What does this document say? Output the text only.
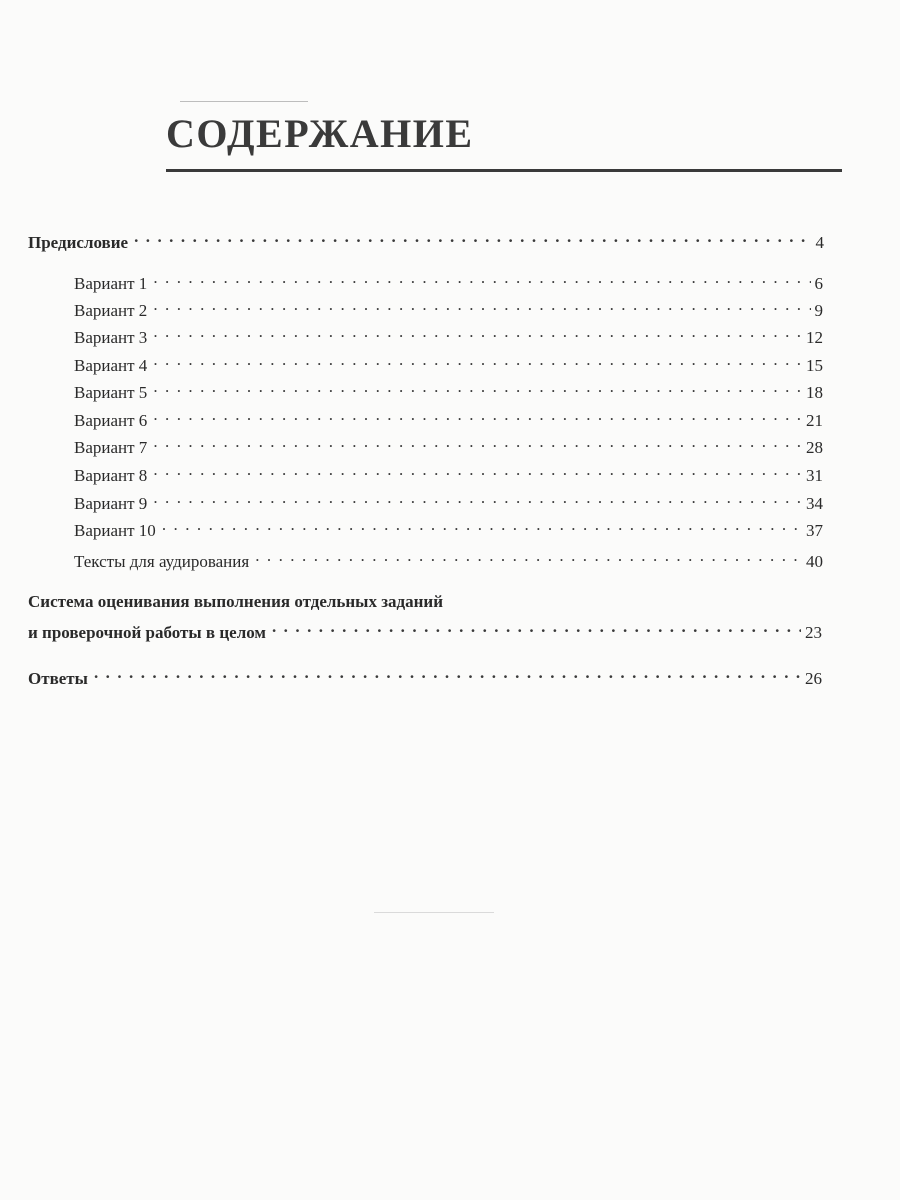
СОДЕРЖАНИЕ
Предисловие . . .	4
Вариант 1 . . .	6
Вариант 2 . . .	9
Вариант 3 . . .	12
Вариант 4 . . .	15
Вариант 5 . . .	18
Вариант 6 . . .	21
Вариант 7 . . .	28
Вариант 8 . . .	31
Вариант 9 . . .	34
Вариант 10 . . .	37
Тексты для аудирования . . .	40
Система оценивания выполнения отдельных заданий
и проверочной работы в целом . . .	23
Ответы . . .	26
